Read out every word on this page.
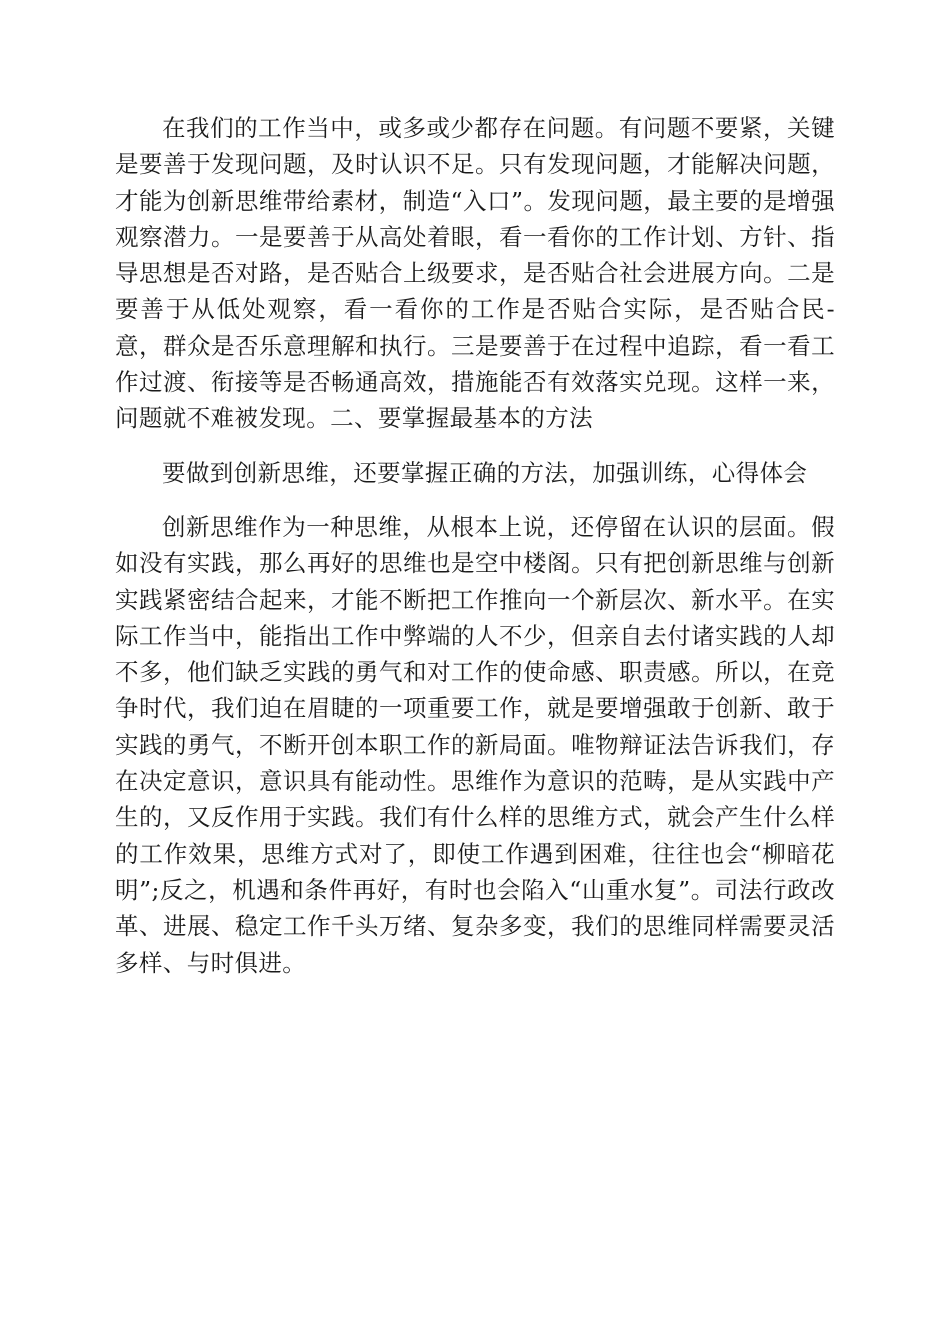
在我们的工作当中，或多或少都存在问题。有问题不要紧，关键是要善于发现问题，及时认识不足。只有发现问题，才能解决问题，才能为创新思维带给素材，制造“入口”。发现问题，最主要的是增强观察潜力。一是要善于从高处着眼，看一看你的工作计划、方针、指导思想是否对路，是否贴合上级要求，是否贴合社会进展方向。二是要善于从低处观察，看一看你的工作是否贴合实际，是否贴合民-意，群众是否乐意理解和执行。三是要善于在过程中追踪，看一看工作过渡、衔接等是否畅通高效，措施能否有效落实兑现。这样一来，问题就不难被发现。二、要掌握最基本的方法

要做到创新思维，还要掌握正确的方法，加强训练，心得体会

创新思维作为一种思维，从根本上说，还停留在认识的层面。假如没有实践，那么再好的思维也是空中楼阁。只有把创新思维与创新实践紧密结合起来，才能不断把工作推向一个新层次、新水平。在实际工作当中，能指出工作中弊端的人不少，但亲自去付诸实践的人却不多，他们缺乏实践的勇气和对工作的使命感、职责感。所以，在竞争时代，我们迫在眉睫的一项重要工作，就是要增强敢于创新、敢于实践的勇气，不断开创本职工作的新局面。唯物辩证法告诉我们，存在决定意识，意识具有能动性。思维作为意识的范畴，是从实践中产生的，又反作用于实践。我们有什么样的思维方式，就会产生什么样的工作效果，思维方式对了，即使工作遇到困难，往往也会“柳暗花明”;反之，机遇和条件再好，有时也会陷入“山重水复”。司法行政改革、进展、稳定工作千头万绪、复杂多变，我们的思维同样需要灵活多样、与时俱进。
